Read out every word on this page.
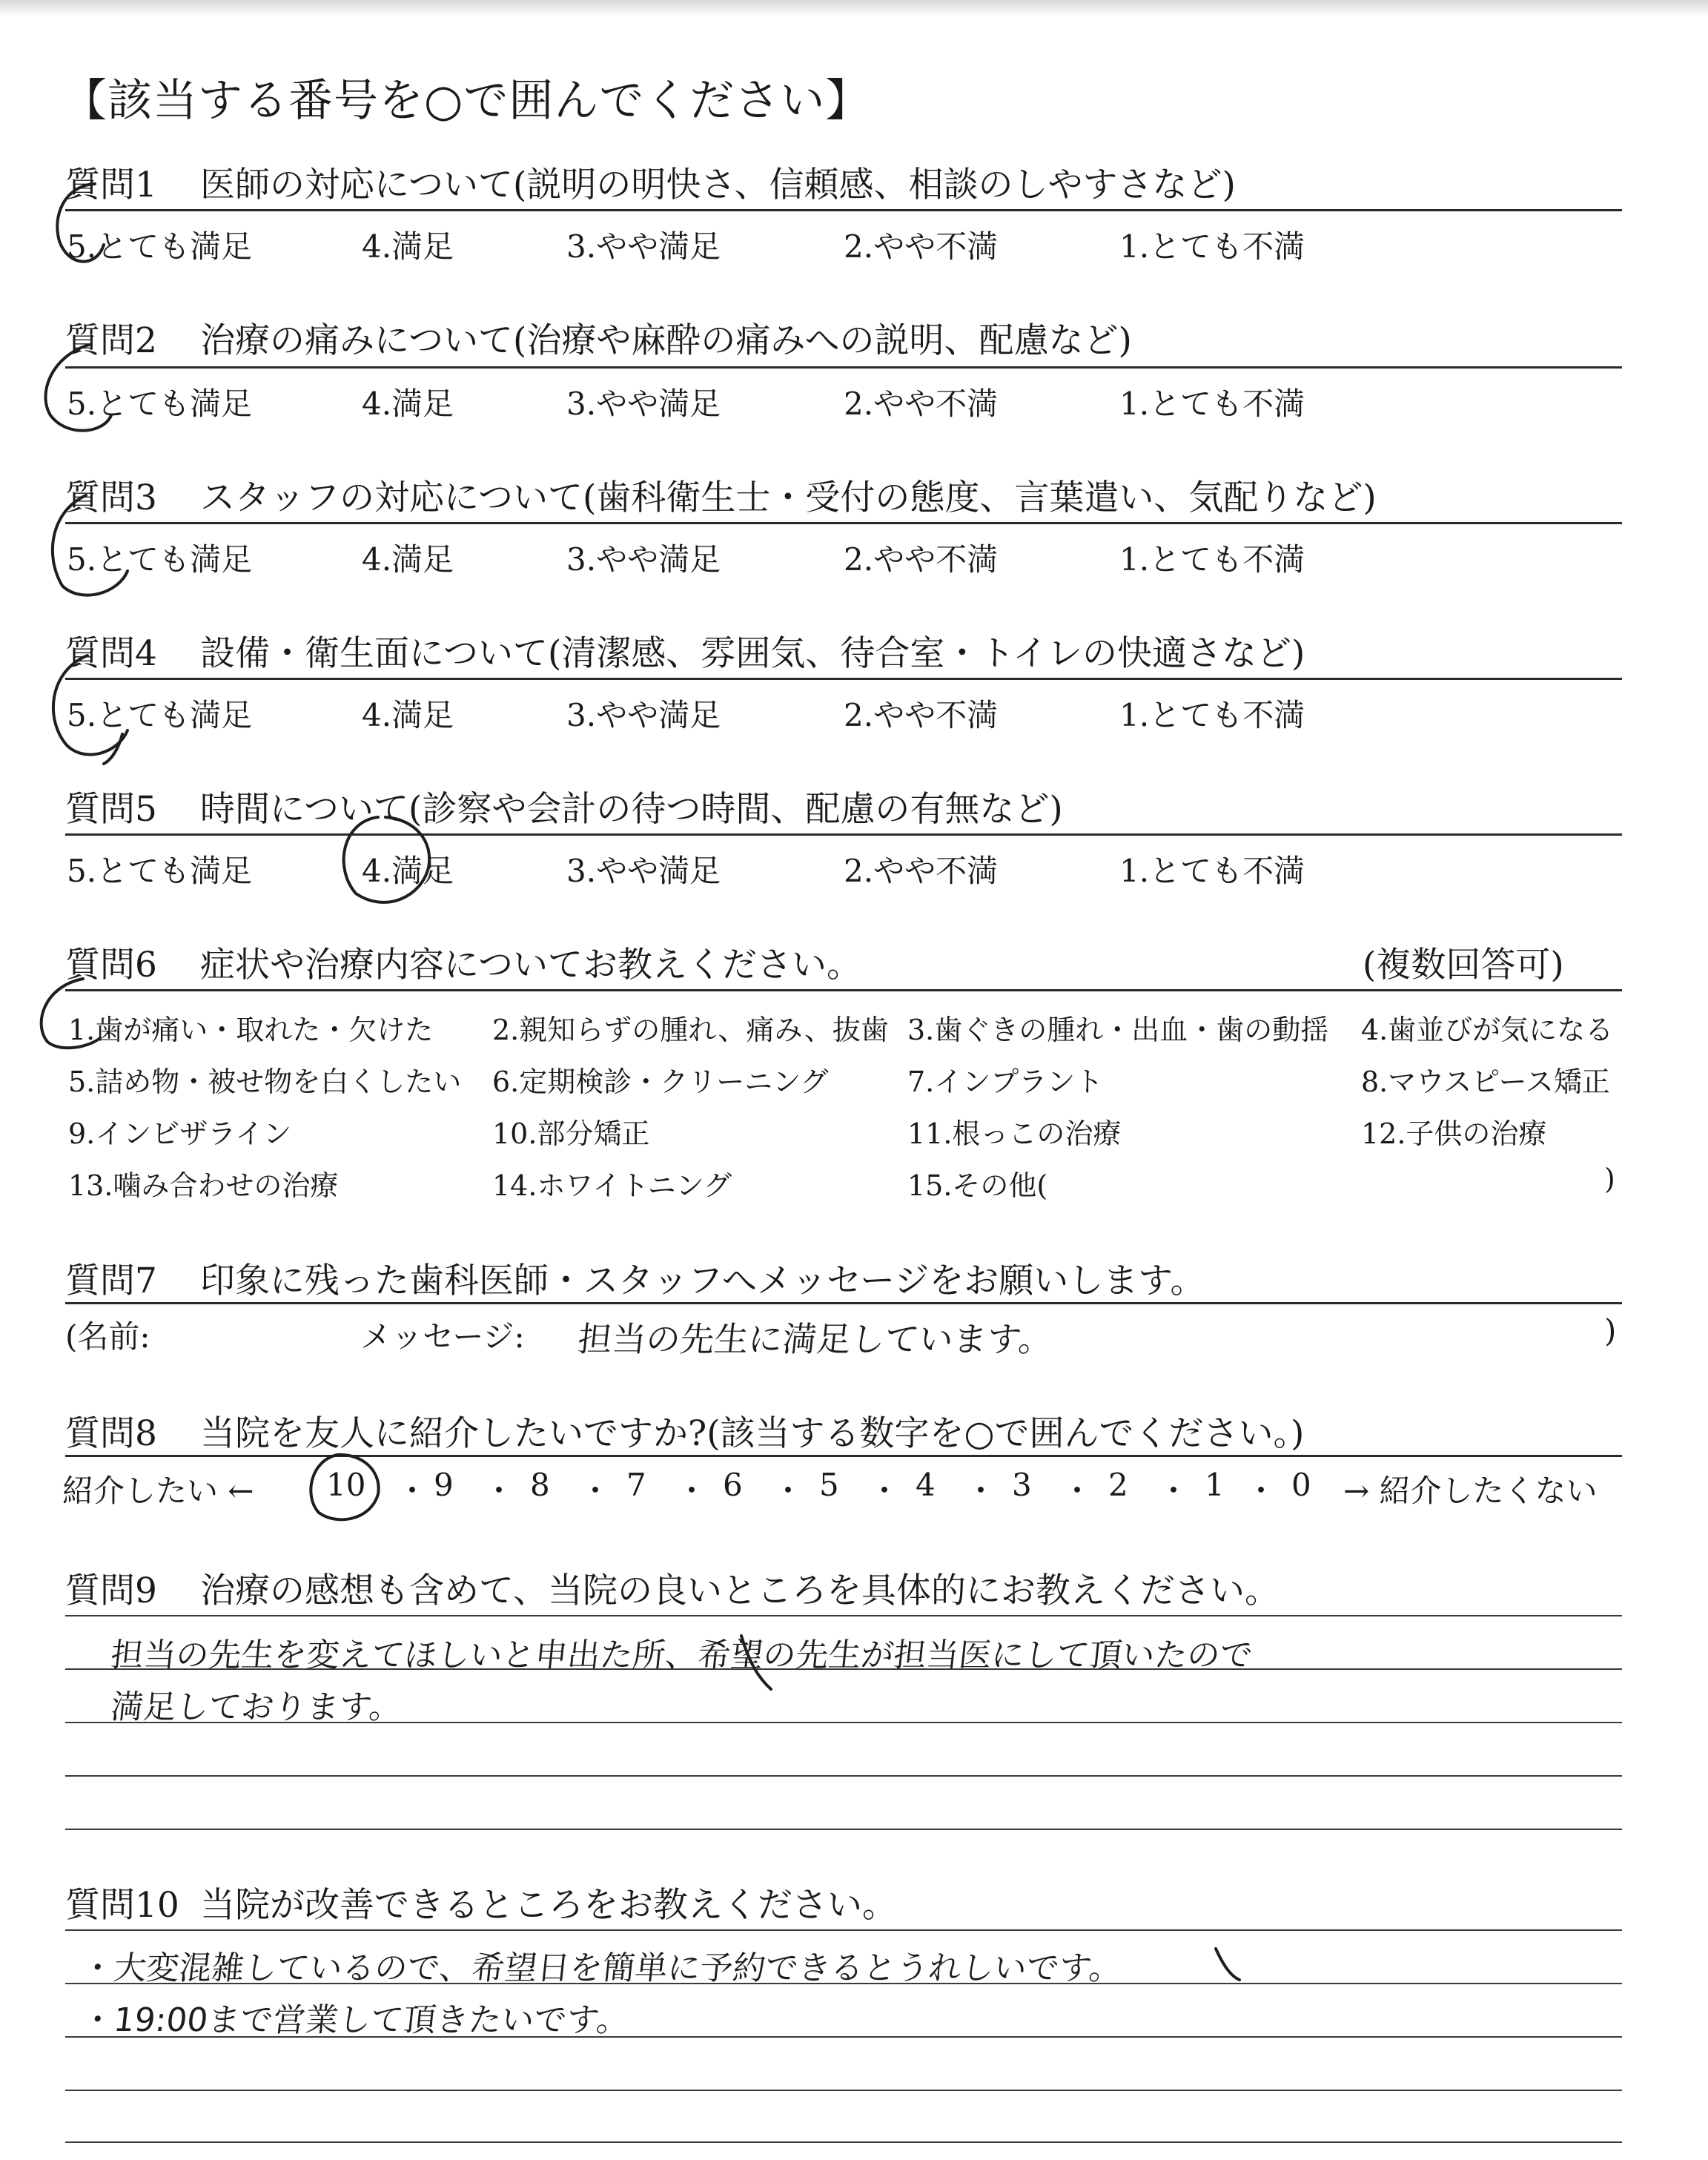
【該当する番号を○で囲んでください】
質問1 医師の対応について(説明の明快さ、信頼感、相談のしやすさなど)
5.とても満足	4.満足	3.やや満足	2.やや不満	1.とても不満
質問2 治療の痛みについて(治療や麻酔の痛みへの説明、配慮など)
5.とても満足	4.満足	3.やや満足	2.やや不満	1.とても不満
質問3 スタッフの対応について(歯科衛生士・受付の態度、言葉遣い、気配りなど)
5.とても満足	4.満足	3.やや満足	2.やや不満	1.とても不満
質問4 設備・衛生面について(清潔感、雰囲気、待合室・トイレの快適さなど)
5.とても満足	4.満足	3.やや満足	2.やや不満	1.とても不満
質問5 時間について(診察や会計の待つ時間、配慮の有無など)
5.とても満足	4.満足	3.やや満足	2.やや不満	1.とても不満
質問6 症状や治療内容についてお教えください。	(複数回答可)
1.歯が痛い・取れた・欠けた 2.親知らずの腫れ、痛み、抜歯 3.歯ぐきの腫れ・出血・歯の動揺 4.歯並びが気になる
5.詰め物・被せ物を白くしたい 6.定期検診・クリーニング	7.インプラント	8.マウスピース矯正
9.インビザライン	10.部分矯正	11.根っこの治療	12.子供の治療
13.噛み合わせの治療	14.ホワイトニング	15.その他(	)
質問7 印象に残った歯科医師・スタッフへメッセージをお願いします。
(名前:	メッセージ: 担当の先生に満足しています。	)
質問8 当院を友人に紹介したいですか?(該当する数字を○で囲んでください。)
紹介したい ← 10 9 8 7 6 5 4 3 2 1 0
・ ・ ・ ・ ・ ・ ・ ・ ・ ・ → 紹介したくない
質問9 治療の感想も含めて、当院の良いところを具体的にお教えください。
担当の先生を変えてほしいと申出た所、希望の先生が担当医にして頂いたので
満足しております。
質問10 当院が改善できるところをお教えください。
・大変混雑しているので、希望日を簡単に予約できるとうれしいです。
・19:00まで営業して頂きたいです。
